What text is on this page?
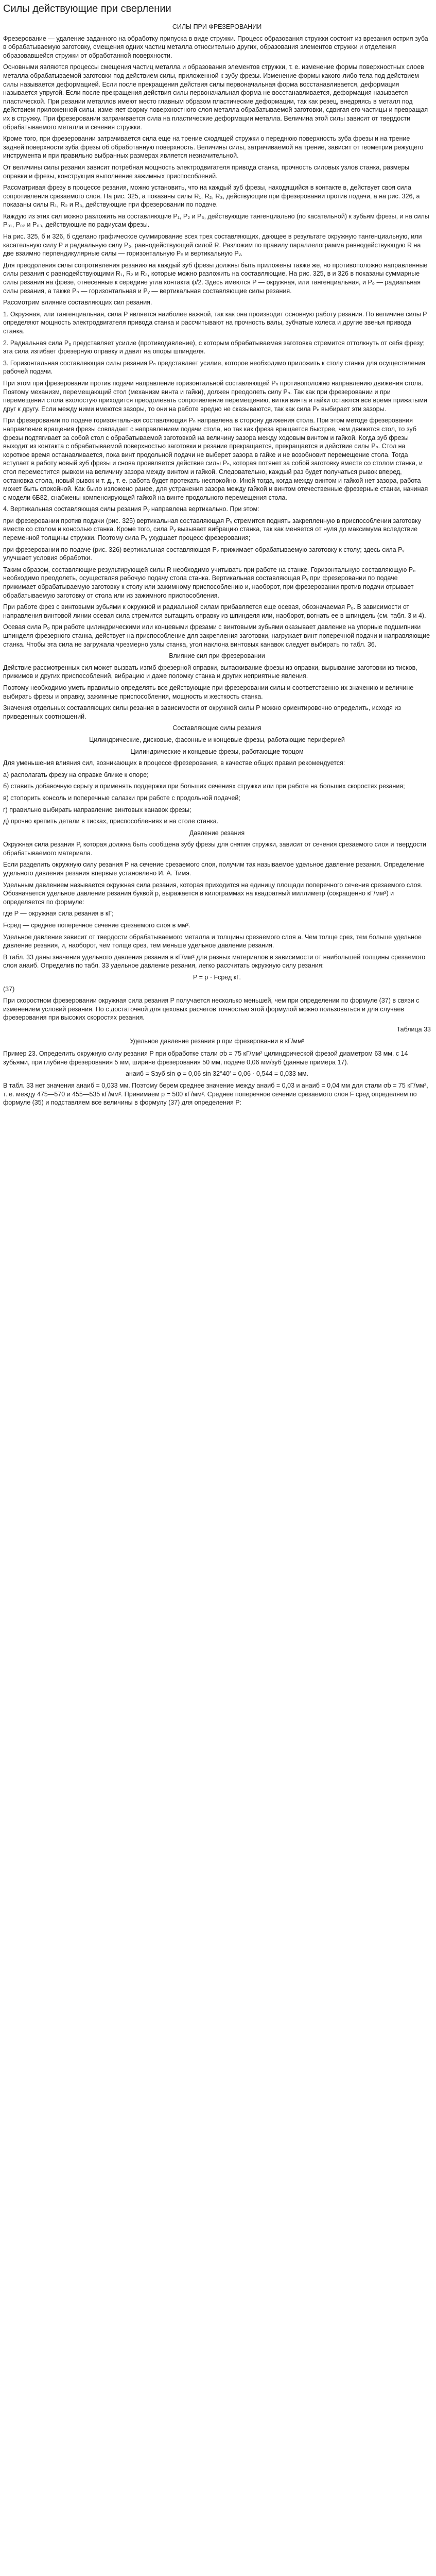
Силы действующие при сверлении
СИЛЫ ПРИ ФРЕЗЕРОВАНИИ

Фрезерование — удаление заданного на обработку припуска в виде стружки. Процесс образования стружки состоит из врезания острия зуба в обрабатываемую заготовку, смещения одних частиц металла относительно других, образования элементов стружки и отделения образовавшейся стружки от обработанной поверхности.

Основными являются процессы смещения частиц металла и образования элементов стружки, т. е. изменение формы поверхностных слоев металла обрабатываемой заготовки под действием силы, приложенной к зубу фрезы. Изменение формы какого-либо тела под действием силы называется деформацией. Если после прекращения действия силы первоначальная форма восстанавливается, деформация называется упругой. Если после прекращения действия силы первоначальная форма не восстанавливается, деформация называется пластической. При резании металлов имеют место главным образом пластические деформации, так как резец, внедряясь в металл под действием приложенной силы, изменяет форму поверхностного слоя металла обрабатываемой заготовки, сдвигая его частицы и превращая их в стружку. При фрезеровании затрачивается сила на пластические деформации металла. Величина этой силы зависит от твердости обрабатываемого металла и сечения стружки.

Кроме того, при фрезеровании затрачивается сила еще на трение сходящей стружки о переднюю поверхность зуба фрезы и на трение задней поверхности зуба фрезы об обработанную поверхность. Величины силы, затрачиваемой на трение, зависит от геометрии режущего инструмента и при правильно выбранных размерах является незначительной.

От величины силы резания зависит потребная мощность электродвигателя привода станка, прочность силовых узлов станка, размеры оправки и фрезы, конструкция выполнение зажимных приспособлений.

Рассматривая фрезу в процессе резания, можно установить, что на каждый зуб фрезы, находящийся в контакте в, действует своя сила сопротивления срезаемого слоя. На рис. 325, а показаны силы R₁, R₂, R₃, действующие при фрезеровании против подачи, а на рис. 326, а показаны силы R₁, R₂ и R₃, действующие при фрезеровании по подаче.

Каждую из этих сил можно разложить на составляющие P₁, P₂ и P₃, действующие тангенциально (по касательной) к зубьям фрезы, и на силы P₀₁, P₀₂ и P₀₃, действующие по радиусам фрезы.

На рис. 325, б и 326, б сделано графическое суммирование всех трех составляющих, дающее в результате окружную тангенциальную, или касательную силу P и радиальную силу P₀, равнодействующей силой R. Разложим по правилу параллелограмма равнодействующую R на две взаимно перпендикулярные силы — горизонтальную Pₙ и вертикальную Pᵥ.

Для преодоления силы сопротивления резанию на каждый зуб фрезы должны быть приложены также же, но противоположно направленные силы резания с равнодействующими R₁, R₂ и R₃, которые можно разложить на составляющие. На рис. 325, в и 326 в показаны суммарные силы резания на фрезе, отнесенные к середине угла контакта ψ/2. Здесь имеются P — окружная, или тангенциальная, и P₀ — радиальная силы резания, а также Pₙ — горизонтальная и Pᵥ — вертикальная составляющие силы резания.

Рассмотрим влияние составляющих сил резания.

1. Окружная, или тангенциальная, сила P является наиболее важной, так как она производит основную работу резания. По величине силы P определяют мощность электродвигателя привода станка и рассчитывают на прочность валы, зубчатые колеса и другие звенья привода станка.

2. Радиальная сила P₀ представляет усилие (противодавление), с которым обрабатываемая заготовка стремится оттолкнуть от себя фрезу; эта сила изгибает фрезерную оправку и давит на опоры шпинделя.

3. Горизонтальная составляющая силы резания Pₙ представляет усилие, которое необходимо приложить к столу станка для осуществления рабочей подачи.

При этом при фрезеровании против подачи направление горизонтальной составляющей Pₙ противоположно направлению движения стола. Поэтому механизм, перемещающий стол (механизм винта и гайки), должен преодолеть силу Pₙ. Так как при фрезеровании и при перемещении стола вхолостую приходится преодолевать сопротивление перемещению, витки винта и гайки остаются все время прижатыми друг к другу. Если между ними имеются зазоры, то они на работе вредно не сказываются, так как сила Pₙ выбирает эти зазоры.

При фрезеровании по подаче горизонтальная составляющая Pₙ направлена в сторону движения стола. При этом методе фрезерования направление вращения фрезы совпадает с направлением подачи стола, но так как фреза вращается быстрее, чем движется стол, то зуб фрезы подтягивает за собой стол с обрабатываемой заготовкой на величину зазора между ходовым винтом и гайкой. Когда зуб фрезы выходит из контакта с обрабатываемой поверхностью заготовки и резание прекращается, прекращается и действие силы Pₙ. Стол на короткое время останавливается, пока винт продольной подачи не выберет зазора в гайке и не возобновит перемещение стола. Тогда вступает в работу новый зуб фрезы и снова проявляется действие силы Pₙ, которая потянет за собой заготовку вместе со столом станка, и стол переместится рывком на величину зазора между винтом и гайкой. Следовательно, каждый раз будет получаться рывок вперед, остановка стола, новый рывок и т. д., т. е. работа будет протекать неспокойно. Иной тогда, когда между винтом и гайкой нет зазора, работа может быть спокойной. Как было изложено ранее, для устранения зазора между гайкой и винтом отечественные фрезерные станки, начиная с модели 6Б82, снабжены компенсирующей гайкой на винте продольного перемещения стола.

4. Вертикальная составляющая силы резания Pᵥ направлена вертикально. При этом:

при фрезеровании против подачи (рис. 325) вертикальная составляющая Pᵥ стремится поднять закрепленную в приспособлении заготовку вместе со столом и консолью станка. Кроме того, сила Pᵥ вызывает вибрацию станка, так как меняется от нуля до максимума вследствие переменной толщины стружки. Поэтому сила Pᵥ ухудшает процесс фрезерования;

при фрезеровании по подаче (рис. 326) вертикальная составляющая Pᵥ прижимает обрабатываемую заготовку к столу; здесь сила Pᵥ улучшает условия обработки.

Таким образом, составляющие результирующей силы R необходимо учитывать при работе на станке. Горизонтальную составляющую Pₙ необходимо преодолеть, осуществляя рабочую подачу стола станка. Вертикальная составляющая Pᵥ при фрезеровании по подаче прижимает обрабатываемую заготовку к столу или зажимному приспособлению и, наоборот, при фрезеровании против подачи отрывает обрабатываемую заготовку от стола или из зажимного приспособления.

При работе фрез с винтовыми зубьями к окружной и радиальной силам прибавляется еще осевая, обозначаемая Pₒ. В зависимости от направления винтовой линии осевая сила стремится вытащить оправку из шпинделя или, наоборот, вогнать ее в шпиндель (см. табл. 3 и 4).

Осевая сила Pₒ при работе цилиндрическими или концевыми фрезами с винтовыми зубьями оказывает давление на упорные подшипники шпинделя фрезерного станка, действует на приспособление для закрепления заготовки, нагружает винт поперечной подачи и направляющие станка. Чтобы эта сила не загружала чрезмерно узлы станка, угол наклона винтовых канавок следует выбирать по табл. 36.

Влияние сил при фрезеровании

Действие рассмотренных сил может вызвать изгиб фрезерной оправки, вытаскивание фрезы из оправки, вырывание заготовки из тисков, прижимов и других приспособлений, вибрацию и даже поломку станка и других неприятные явления.

Поэтому необходимо уметь правильно определять все действующие при фрезеровании силы и соответственно их значению и величине выбирать фрезы и оправку, зажимные приспособления, мощность и жесткость станка.

Значения отдельных составляющих силы резания в зависимости от окружной силы P можно ориентировочно определить, исходя из приведенных соотношений.

Составляющие силы резания
Цилиндрические, дисковые, фасонные и концевые фрезы, работающие периферией
Цилиндрические и концевые фрезы, работающие торцом

Для уменьшения влияния сил, возникающих в процессе фрезерования, в качестве общих правил рекомендуется:

а) располагать фрезу на оправке ближе к опоре;

б) ставить добавочную серьгу и применять поддержки при больших сечениях стружки или при работе на больших скоростях резания;

в) стопорить консоль и поперечные салазки при работе с продольной подачей;

г) правильно выбирать направление винтовых канавок фрезы;

д) прочно крепить детали в тисках, приспособлениях и на столе станка.

Давление резания

Окружная сила резания P, которая должна быть сообщена зубу фрезы для снятия стружки, зависит от сечения срезаемого слоя и твердости обрабатываемого материала.

Если разделить окружную силу резания P на сечение срезаемого слоя, получим так называемое удельное давление резания. Определение удельного давления резания впервые установлено И. А. Тимэ.

Удельным давлением называется окружная сила резания, которая приходится на единицу площади поперечного сечения срезаемого слоя. Обозначается удельное давление резания буквой p, выражается в килограммах на квадратный миллиметр (сокращенно кГ/мм²) и определяется по формуле:

где P — окружная сила резания в кГ;

Fсред — среднее поперечное сечение срезаемого слоя в мм².

Удельное давление зависит от твердости обрабатываемого металла и толщины срезаемого слоя a. Чем толще срез, тем больше удельное давление резания, и, наоборот, чем толще срез, тем меньше удельное давление резания.

В табл. 33 даны значения удельного давления резания в кГ/мм² для разных материалов в зависимости от наибольшей толщины срезаемого слоя aнаиб. Определив по табл. 33 удельное давление резания, легко рассчитать окружную силу резания:

P = p · Fсред кГ.
(37)

При скоростном фрезеровании окружная сила резания P получается несколько меньшей, чем при определении по формуле (37) в связи с изменением условий резания. Но с достаточной для цеховых расчетов точностью этой формулой можно пользоваться и для случаев фрезерования при высоких скоростях резания.

Таблица 33
Удельное давление резания p при фрезеровании в кГ/мм²

Пример 23. Определить окружную силу резания P при обработке стали σb = 75 кГ/мм² цилиндрической фрезой диаметром 63 мм, с 14 зубьями, при глубине фрезерования 5 мм, ширине фрезерования 50 мм, подаче 0,06 мм/зуб (данные примера 17).

aнаиб = Sзуб sin φ = 0,06 sin 32°40' = 0,06 · 0,544 = 0,033 мм.

В табл. 33 нет значения aнаиб = 0,033 мм. Поэтому берем среднее значение между aнаиб = 0,03 и aнаиб = 0,04 мм для стали σb = 75 кГ/мм², т. е. между 475—570 и 455—535 кГ/мм². Принимаем p = 500 кГ/мм². Среднее поперечное сечение срезаемого слоя F сред определяем по формуле (35) и подставляем все величины в формулу (37) для определения P:
